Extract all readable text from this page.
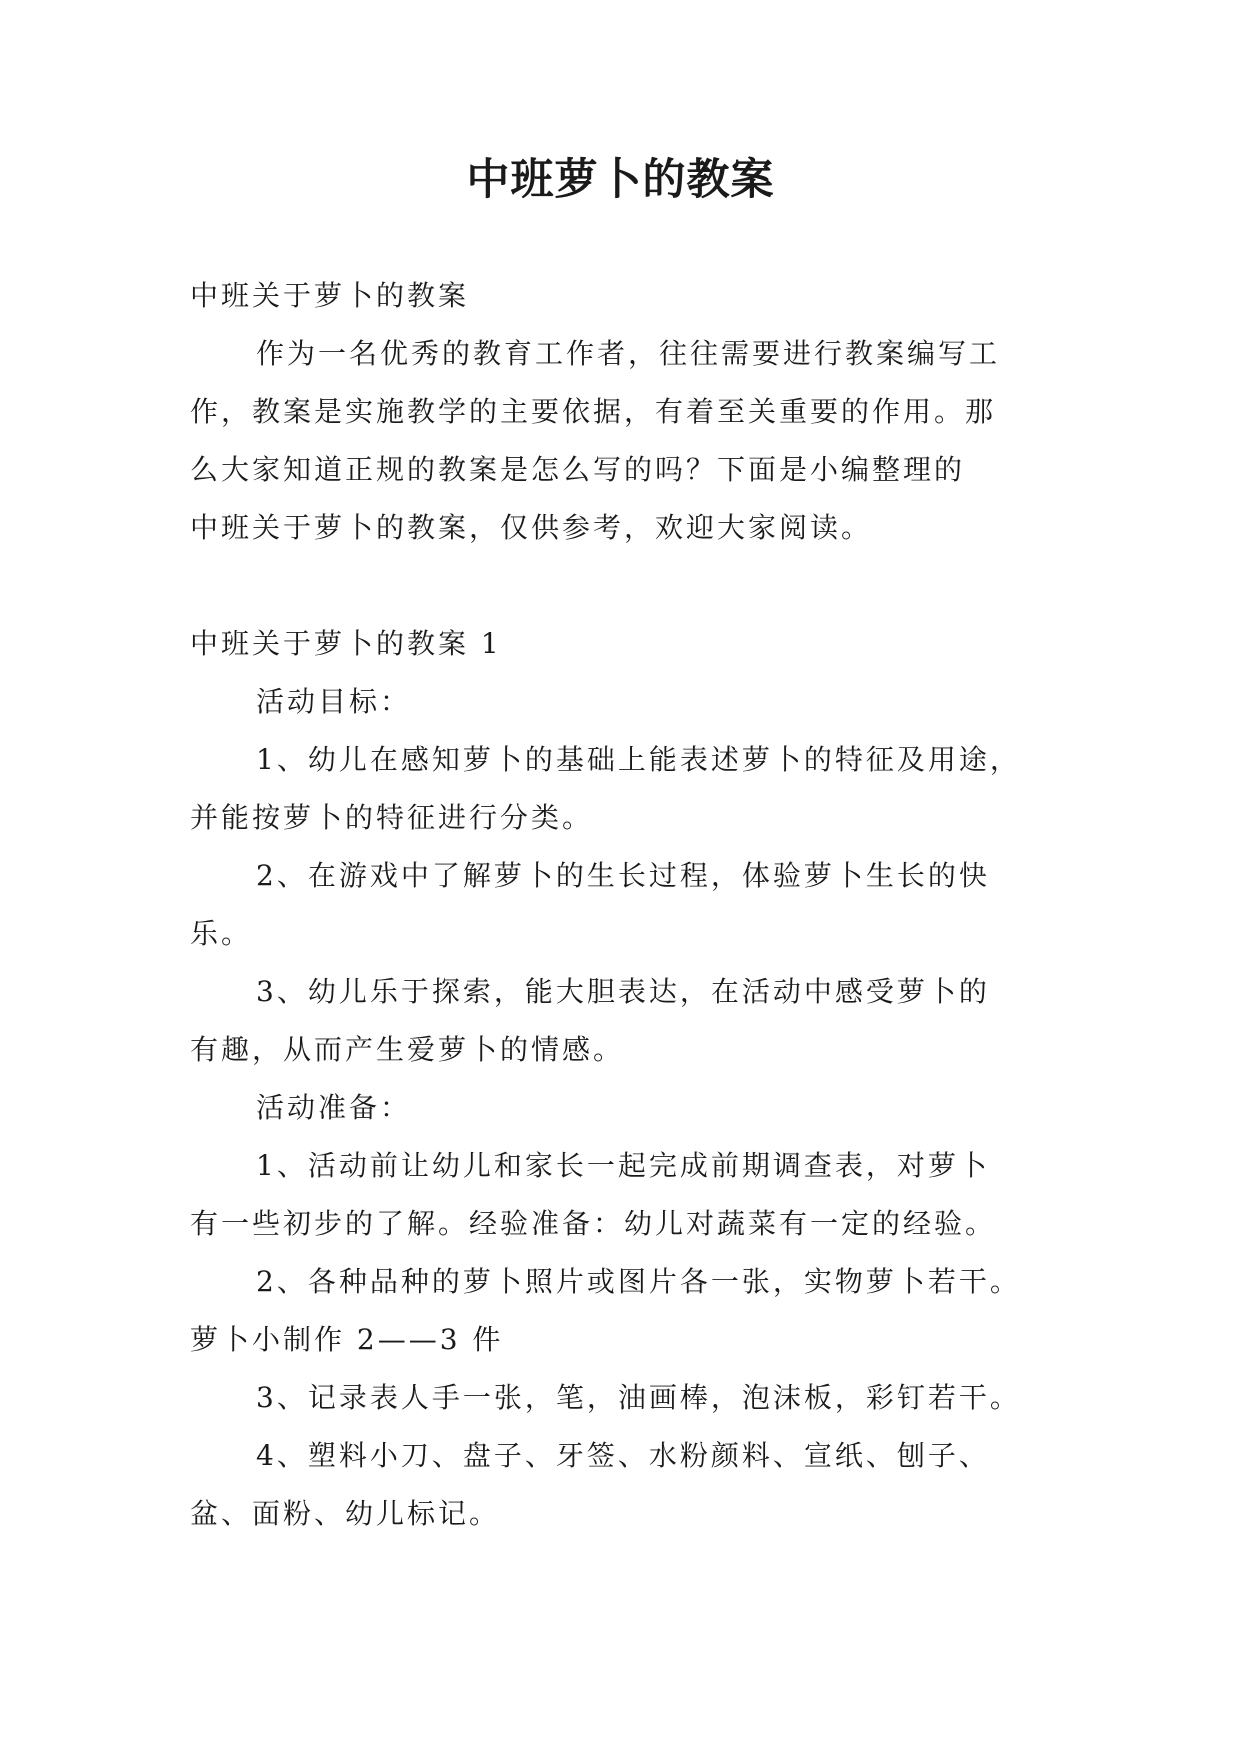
中班萝卜的教案
中班关于萝卜的教案
作为一名优秀的教育工作者，往往需要进行教案编写工
作，教案是实施教学的主要依据，有着至关重要的作用。那
么大家知道正规的教案是怎么写的吗？下面是小编整理的
中班关于萝卜的教案，仅供参考，欢迎大家阅读。
中班关于萝卜的教案 1
活动目标：
1、幼儿在感知萝卜的基础上能表述萝卜的特征及用途，
并能按萝卜的特征进行分类。
2、在游戏中了解萝卜的生长过程，体验萝卜生长的快
乐。
3、幼儿乐于探索，能大胆表达，在活动中感受萝卜的
有趣，从而产生爱萝卜的情感。
活动准备：
1、活动前让幼儿和家长一起完成前期调查表，对萝卜
有一些初步的了解。经验准备：幼儿对蔬菜有一定的经验。
2、各种品种的萝卜照片或图片各一张，实物萝卜若干。
萝卜小制作 2——3 件
3、记录表人手一张，笔，油画棒，泡沫板，彩钉若干。
4、塑料小刀、盘子、牙签、水粉颜料、宣纸、刨子、
盆、面粉、幼儿标记。
